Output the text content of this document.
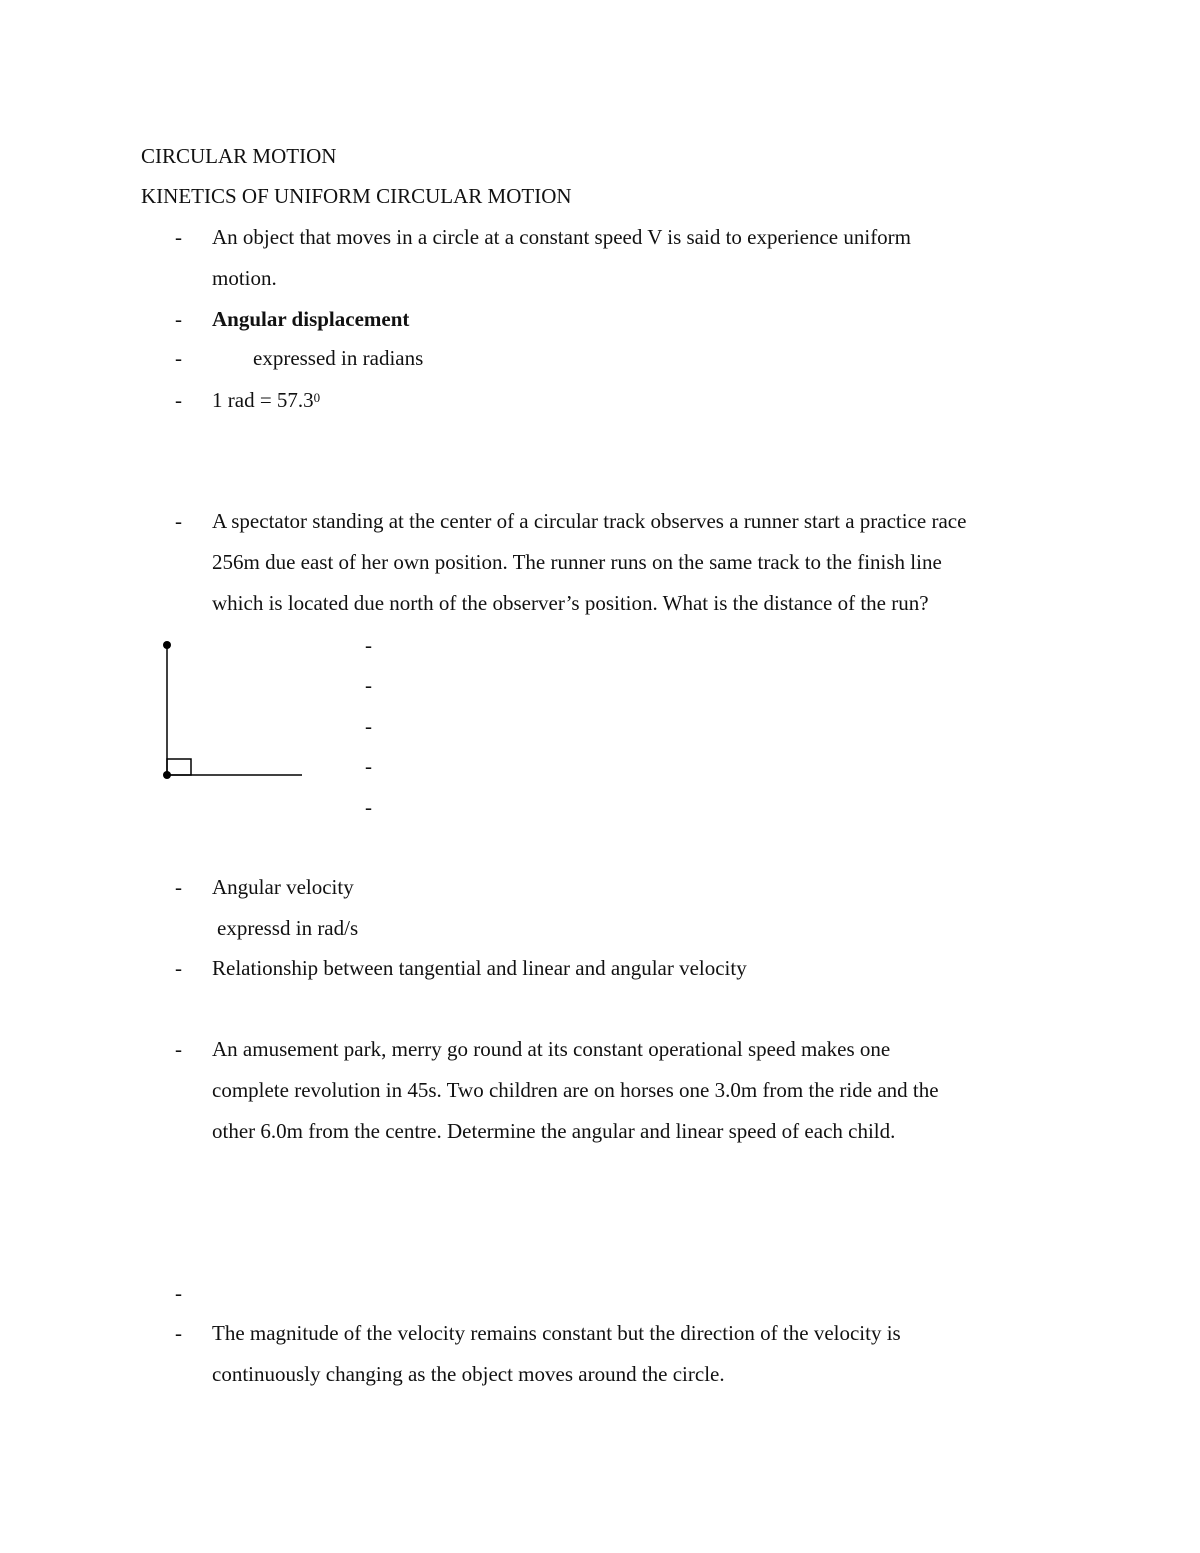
CIRCULAR MOTION
KINETICS OF UNIFORM CIRCULAR MOTION
- An object that moves in a circle at a constant speed V is said to experience uniform
motion.
- Angular displacement
-	expressed in radians
- 1 rad = $57.3^0$
- A spectator standing at the center of a circular track observes a runner start a practice race
256m due east of her own position. The runner runs on the same track to the finish line
which is located due north of the observer’s position. What is the distance of the run?
-
-
-
-
-
- Angular velocity
expressd in rad/s
- Relationship between tangential and linear and angular velocity
- An amusement park, merry go round at its constant operational speed makes one
complete revolution in 45s. Two children are on horses one 3.0m from the ride and the
other 6.0m from the centre. Determine the angular and linear speed of each child.
-
- The magnitude of the velocity remains constant but the direction of the velocity is
continuously changing as the object moves around the circle.
